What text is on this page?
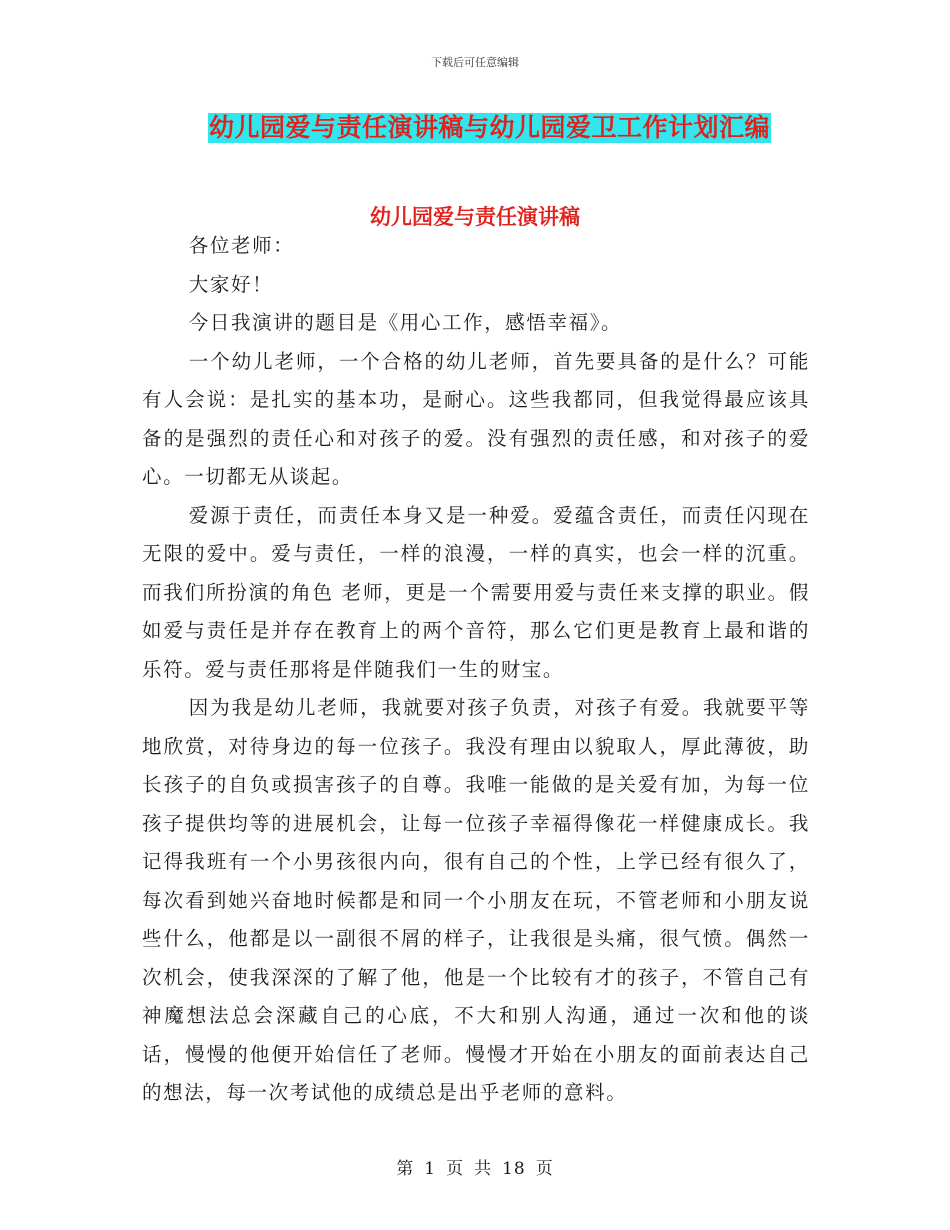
下载后可任意编辑
幼儿园爱与责任演讲稿与幼儿园爱卫工作计划汇编
幼儿园爱与责任演讲稿

各位老师：

大家好！

今日我演讲的题目是《用心工作，感悟幸福》。

一个幼儿老师，一个合格的幼儿老师，首先要具备的是什么？可能有人会说：是扎实的基本功，是耐心。这些我都同，但我觉得最应该具备的是强烈的责任心和对孩子的爱。没有强烈的责任感，和对孩子的爱心。一切都无从谈起。

爱源于责任，而责任本身又是一种爱。爱蕴含责任，而责任闪现在无限的爱中。爱与责任，一样的浪漫，一样的真实，也会一样的沉重。而我们所扮演的角色 老师，更是一个需要用爱与责任来支撑的职业。假如爱与责任是并存在教育上的两个音符，那么它们更是教育上最和谐的乐符。爱与责任那将是伴随我们一生的财宝。

因为我是幼儿老师，我就要对孩子负责，对孩子有爱。我就要平等地欣赏，对待身边的每一位孩子。我没有理由以貌取人，厚此薄彼，助长孩子的自负或损害孩子的自尊。我唯一能做的是关爱有加，为每一位孩子提供均等的进展机会，让每一位孩子幸福得像花一样健康成长。我记得我班有一个小男孩很内向，很有自己的个性，上学已经有很久了，每次看到她兴奋地时候都是和同一个小朋友在玩，不管老师和小朋友说些什么，他都是以一副很不屑的样子，让我很是头痛，很气愤。偶然一次机会，使我深深的了解了他，他是一个比较有才的孩子，不管自己有神魔想法总会深藏自己的心底，不大和别人沟通，通过一次和他的谈话，慢慢的他便开始信任了老师。慢慢才开始在小朋友的面前表达自己的想法，每一次考试他的成绩总是出乎老师的意料。

第 1 页 共 18 页
